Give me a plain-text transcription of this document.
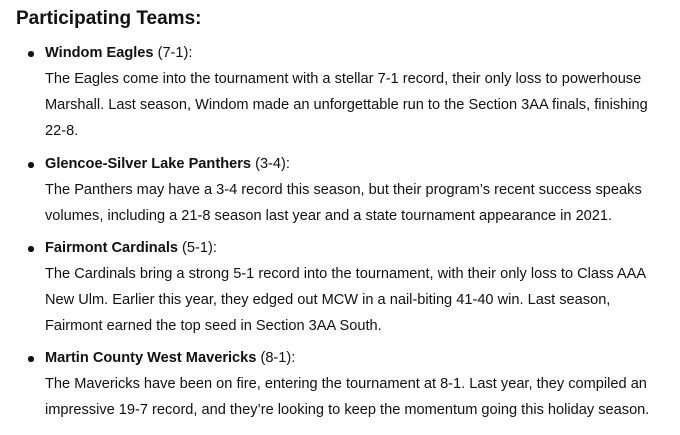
Participating Teams:
Windom Eagles (7-1):
The Eagles come into the tournament with a stellar 7-1 record, their only loss to powerhouse
Marshall. Last season, Windom made an unforgettable run to the Section 3AA finals, finishing
22-8.
Glencoe-Silver Lake Panthers (3-4):
The Panthers may have a 3-4 record this season, but their program’s recent success speaks
volumes, including a 21-8 season last year and a state tournament appearance in 2021.
Fairmont Cardinals (5-1):
The Cardinals bring a strong 5-1 record into the tournament, with their only loss to Class AAA
New Ulm. Earlier this year, they edged out MCW in a nail-biting 41-40 win. Last season,
Fairmont earned the top seed in Section 3AA South.
Martin County West Mavericks (8-1):
The Mavericks have been on fire, entering the tournament at 8-1. Last year, they compiled an
impressive 19-7 record, and they’re looking to keep the momentum going this holiday season.
